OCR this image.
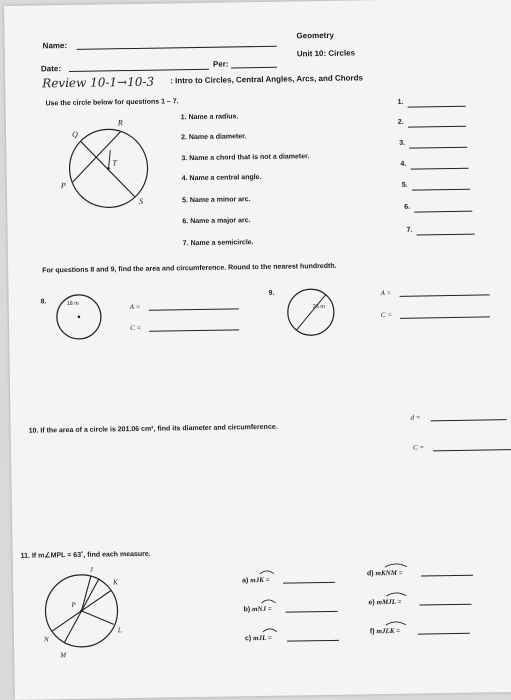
Name:
Geometry
Date:
Per:
Unit 10: Circles
Review 10-1→10-3 : Intro to Circles, Central Angles, Arcs, and Chords
Use the circle below for questions 1 – 7.
Q
R
T
P
S
1. Name a radius.
2. Name a diameter.
3. Name a chord that is not a diameter.
4. Name a central angle.
5. Name a minor arc.
6. Name a major arc.
7. Name a semicircle.
1.
2.
3.
4.
5.
6.
7.
For questions 8 and 9, find the area and circumference. Round to the nearest hundredth.
8.	18 in	A =
C =
9.
25 m
A =
C =
10. If the area of a circle is 201.06 cm², find its diameter and circumference.
d =
C =
11. If m∠MPL = 63˚, find each measure.
J
K
P
N
L
M
a) mJK =
b) mNJ =
c) mJL =
d) mKNM =
e) mMJL =
f) mJLK =
